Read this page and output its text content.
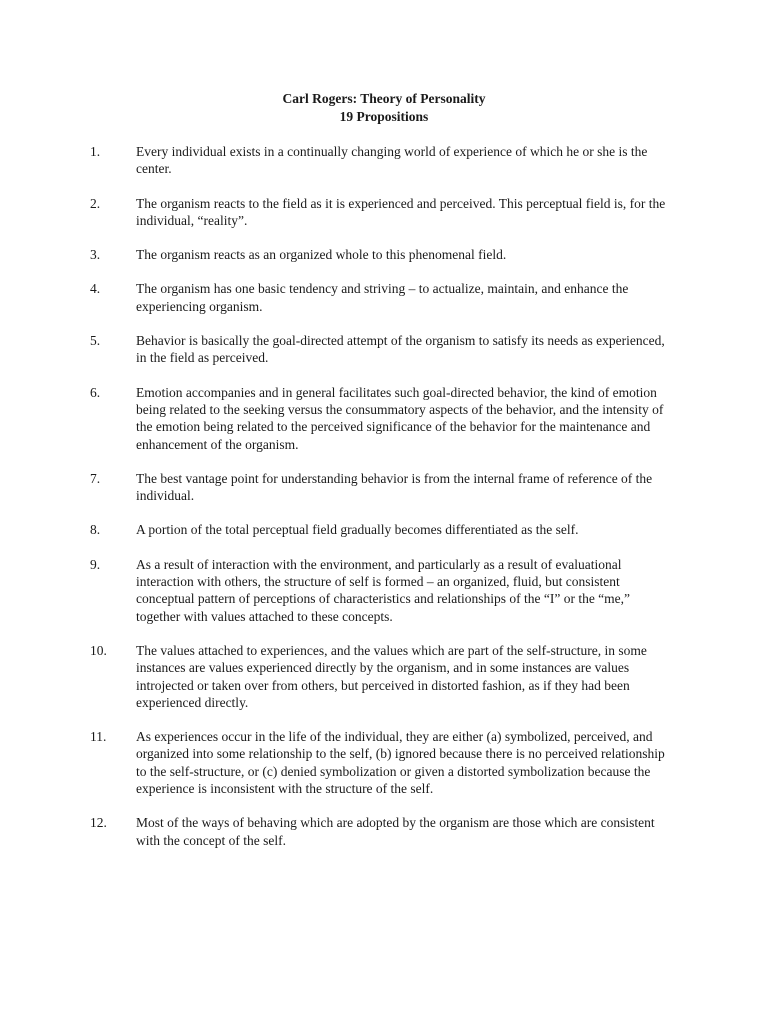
Carl Rogers: Theory of Personality
19 Propositions
1.	Every individual exists in a continually changing world of experience of which he or she is the center.
2.	The organism reacts to the field as it is experienced and perceived. This perceptual field is, for the individual, “reality”.
3.	The organism reacts as an organized whole to this phenomenal field.
4.	The organism has one basic tendency and striving – to actualize, maintain, and enhance the experiencing organism.
5.	Behavior is basically the goal-directed attempt of the organism to satisfy its needs as experienced, in the field as perceived.
6.	Emotion accompanies and in general facilitates such goal-directed behavior, the kind of emotion being related to the seeking versus the consummatory aspects of the behavior, and the intensity of the emotion being related to the perceived significance of the behavior for the maintenance and enhancement of the organism.
7.	The best vantage point for understanding behavior is from the internal frame of reference of the individual.
8.	A portion of the total perceptual field gradually becomes differentiated as the self.
9.	As a result of interaction with the environment, and particularly as a result of evaluational interaction with others, the structure of self is formed – an organized, fluid, but consistent conceptual pattern of perceptions of characteristics and relationships of the “I” or the “me,” together with values attached to these concepts.
10. The values attached to experiences, and the values which are part of the self-structure, in some instances are values experienced directly by the organism, and in some instances are values introjected or taken over from others, but perceived in distorted fashion, as if they had been experienced directly.
11. As experiences occur in the life of the individual, they are either (a) symbolized, perceived, and organized into some relationship to the self, (b) ignored because there is no perceived relationship to the self-structure, or (c) denied symbolization or given a distorted symbolization because the experience is inconsistent with the structure of the self.
12. Most of the ways of behaving which are adopted by the organism are those which are consistent with the concept of the self.
